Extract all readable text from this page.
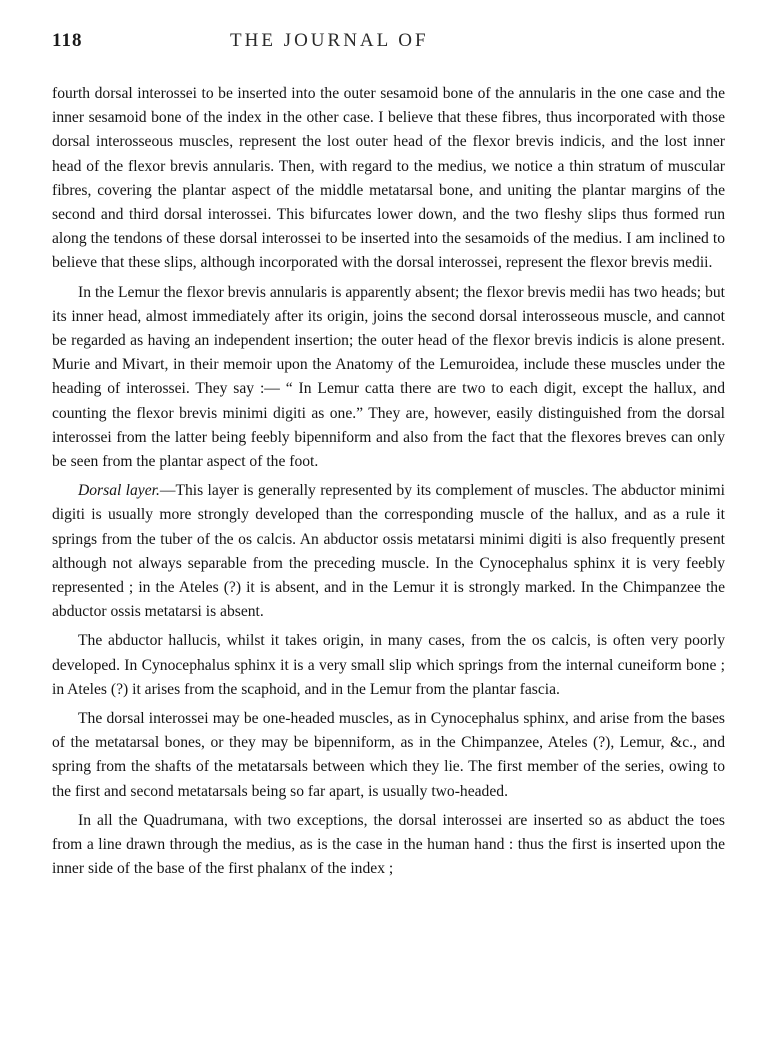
118	THE JOURNAL OF

fourth dorsal interossei to be inserted into the outer sesamoid bone of the annularis in the one case and the inner sesamoid bone of the index in the other case. I believe that these fibres, thus incorporated with those dorsal interosseous muscles, represent the lost outer head of the flexor brevis indicis, and the lost inner head of the flexor brevis annularis. Then, with regard to the medius, we notice a thin stratum of muscular fibres, covering the plantar aspect of the middle metatarsal bone, and uniting the plantar margins of the second and third dorsal interossei. This bifurcates lower down, and the two fleshy slips thus formed run along the tendons of these dorsal interossei to be inserted into the sesamoids of the medius. I am inclined to believe that these slips, although incorporated with the dorsal interossei, represent the flexor brevis medii.

In the Lemur the flexor brevis annularis is apparently absent; the flexor brevis medii has two heads; but its inner head, almost immediately after its origin, joins the second dorsal interosseous muscle, and cannot be regarded as having an independent insertion; the outer head of the flexor brevis indicis is alone present. Murie and Mivart, in their memoir upon the Anatomy of the Lemuroidea, include these muscles under the heading of interossei. They say :— “ In Lemur catta there are two to each digit, except the hallux, and counting the flexor brevis minimi digiti as one.” They are, however, easily distinguished from the dorsal interossei from the latter being feebly bipenniform and also from the fact that the flexores breves can only be seen from the plantar aspect of the foot.

Dorsal layer.—This layer is generally represented by its complement of muscles. The abductor minimi digiti is usually more strongly developed than the corresponding muscle of the hallux, and as a rule it springs from the tuber of the os calcis. An abductor ossis metatarsi minimi digiti is also frequently present although not always separable from the preceding muscle. In the Cynocephalus sphinx it is very feebly represented ; in the Ateles (?) it is absent, and in the Lemur it is strongly marked. In the Chimpanzee the abductor ossis metatarsi is absent.

The abductor hallucis, whilst it takes origin, in many cases, from the os calcis, is often very poorly developed. In Cynocephalus sphinx it is a very small slip which springs from the internal cuneiform bone ; in Ateles (?) it arises from the scaphoid, and in the Lemur from the plantar fascia.

The dorsal interossei may be one-headed muscles, as in Cynocephalus sphinx, and arise from the bases of the metatarsal bones, or they may be bipenniform, as in the Chimpanzee, Ateles (?), Lemur, &c., and spring from the shafts of the metatarsals between which they lie. The first member of the series, owing to the first and second metatarsals being so far apart, is usually two-headed.

In all the Quadrumana, with two exceptions, the dorsal interossei are inserted so as abduct the toes from a line drawn through the medius, as is the case in the human hand : thus the first is inserted upon the inner side of the base of the first phalanx of the index ;
